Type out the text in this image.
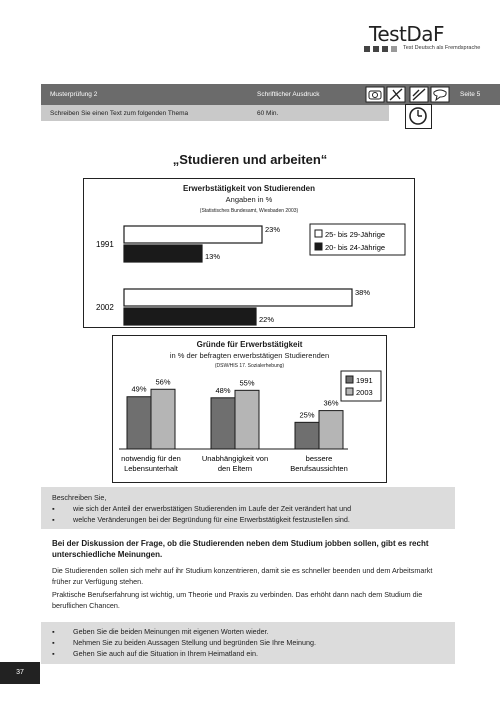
TestDaF
Test Deutsch als Fremdsprache
Musterprüfung 2	Schriftlicher Ausdruck	Seite 5
Schreiben Sie einen Text zum folgenden Thema	60 Min.
„Studieren und arbeiten“
Erwerbstätigkeit von Studierenden
Angaben in %
(Statistisches Bundesamt, Wiesbaden 2003)
1991
23%
13%
2002
38%
22%
25- bis 29-Jährige
20- bis 24-Jährige
Gründe für Erwerbstätigkeit
in % der befragten erwerbstätigen Studierenden
(DSW/HIS 17. Sozialerhebung)
49%
56%
notwendig für den
Lebensunterhalt
48%
55%
Unabhängigkeit von
den Eltern
25%
36%
bessere
Berufsaussichten
1991
2003
Beschreiben Sie,
▪	wie sich der Anteil der erwerbstätigen Studierenden im Laufe der Zeit verändert hat und
▪	welche Veränderungen bei der Begründung für eine Erwerbstätigkeit festzustellen sind.
Bei der Diskussion der Frage, ob die Studierenden neben dem Studium jobben sollen, gibt es recht unterschiedliche Meinungen.
Die Studierenden sollen sich mehr auf ihr Studium konzentrieren, damit sie es schneller beenden und dem Arbeitsmarkt früher zur Verfügung stehen.
Praktische Berufserfahrung ist wichtig, um Theorie und Praxis zu verbinden. Das erhöht dann nach dem Studium die beruflichen Chancen.
▪	Geben Sie die beiden Meinungen mit eigenen Worten wieder.
▪	Nehmen Sie zu beiden Aussagen Stellung und begründen Sie Ihre Meinung.
▪	Gehen Sie auch auf die Situation in Ihrem Heimatland ein.
37
